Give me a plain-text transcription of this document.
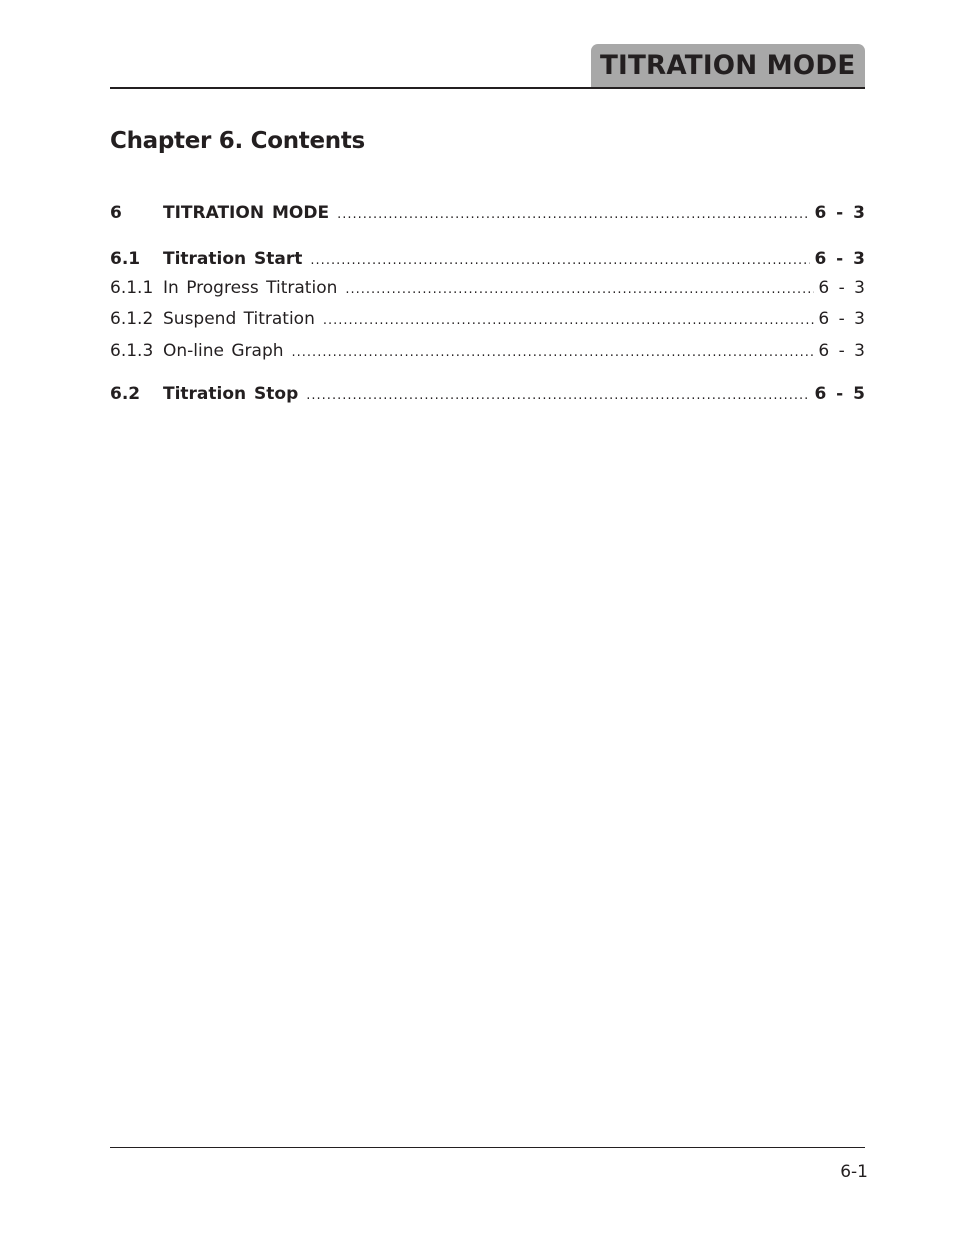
TITRATION MODE
Chapter 6. Contents
6	TITRATION MODE .....	6 - 3
6.1	Titration Start .....	6 - 3
6.1.1 In Progress Titration .....	6 - 3
6.1.2 Suspend Titration .....	6 - 3
6.1.3 On-line Graph .....	6 - 3
6.2	Titration Stop .....	6 - 5
6-1
